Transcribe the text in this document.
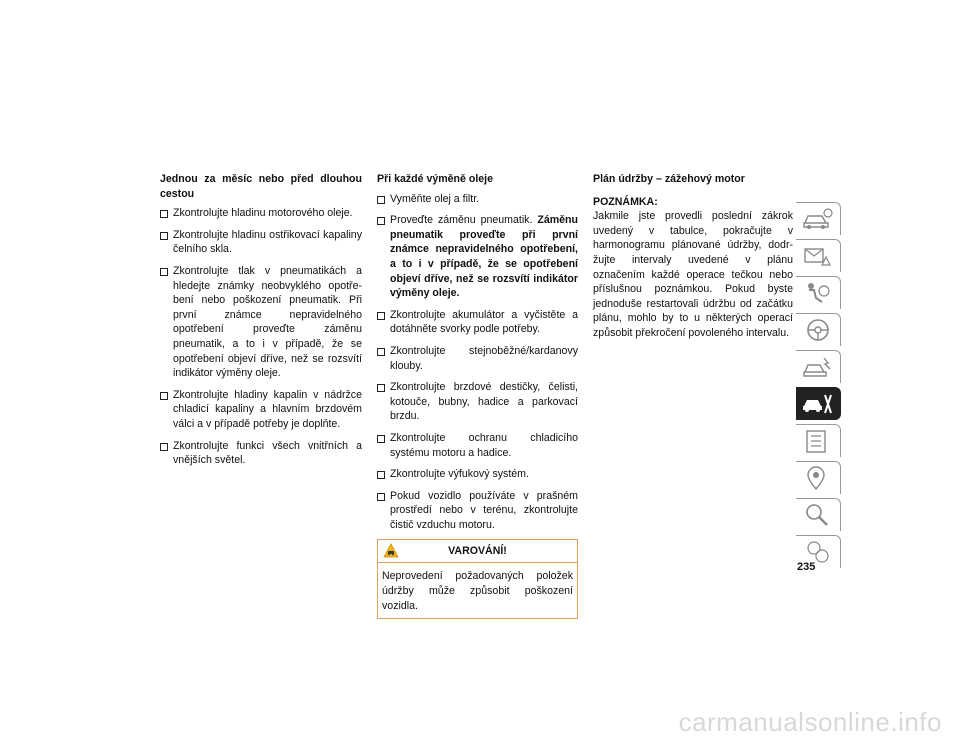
Jednou za měsíc nebo před dlouhou cestou
Zkontrolujte hladinu motorového oleje.
Zkontrolujte hladinu ostřikovací kapaliny čelního skla.
Zkontrolujte tlak v pneumatikách a hledejte známky neobvyklého opotřebení nebo poškození pneumatik. Při první známce nepravidelného opotřebení proveďte záměnu pneumatik, a to i v případě, že se opotřebení objeví dříve, než se rozsvítí indikátor výměny oleje.
Zkontrolujte hladiny kapalin v nádržce chladicí kapaliny a hlavním brzdovém válci a v případě potřeby je doplňte.
Zkontrolujte funkci všech vnitřních a vnějších světel.
Při každé výměně oleje
Vyměňte olej a filtr.
Proveďte záměnu pneumatik. Záměnu pneumatik proveďte při první známce nepravidelného opotřebení, a to i v případě, že se opotřebení objeví dříve, než se rozsvítí indikátor výměny oleje.
Zkontrolujte akumulátor a vyčistěte a dotáhněte svorky podle potřeby.
Zkontrolujte stejnoběžné/kardanovy klouby.
Zkontrolujte brzdové destičky, čelisti, kotouče, bubny, hadice a parkovací brzdu.
Zkontrolujte ochranu chladicího systému motoru a hadice.
Zkontrolujte výfukový systém.
Pokud vozidlo používáte v prašném prostředí nebo v terénu, zkontrolujte čistič vzduchu motoru.
VAROVÁNÍ!
Neprovedení požadovaných položek údržby může způsobit poškození vozidla.
Plán údržby – zážehový motor
POZNÁMKA:
Jakmile jste provedli poslední zákrok uvedený v tabulce, pokračujte v harmonogramu plánované údržby, dodržujte intervaly uvedené v plánu označením každé operace tečkou nebo příslušnou poznámkou. Pokud byste jednoduše restartovali údržbu od začátku plánu, mohlo by to u některých operací způsobit překročení povoleného intervalu.
235
carmanualsonline.info
